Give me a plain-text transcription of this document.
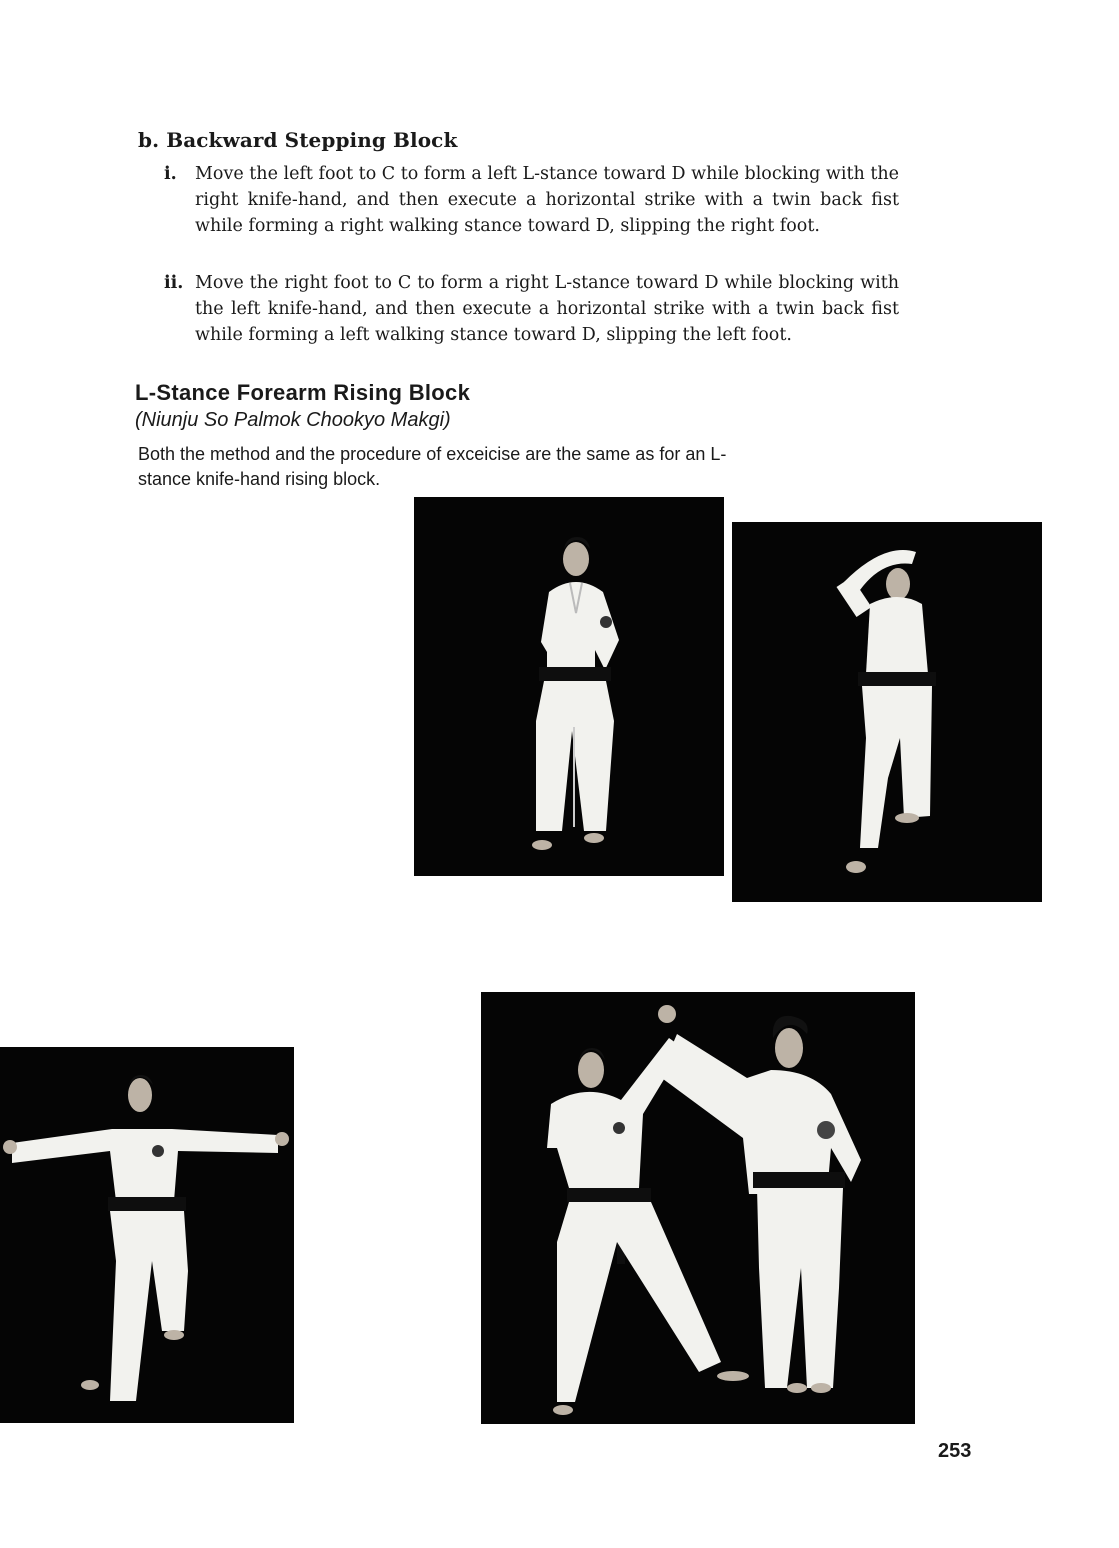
b. Backward Stepping Block
i. Move the left foot to C to form a left L-stance toward D while blocking with the right knife-hand, and then execute a horizontal strike with a twin back fist while forming a right walking stance toward D, slipping the right foot.
ii. Move the right foot to C to form a right L-stance toward D while blocking with the left knife-hand, and then execute a horizontal strike with a twin back fist while forming a left walking stance toward D, slipping the left foot.
L-Stance Forearm Rising Block
(Niunju So Palmok Chookyo Makgi)
Both the method and the procedure of exceicise are the same as for an L-stance knife-hand rising block.
253
